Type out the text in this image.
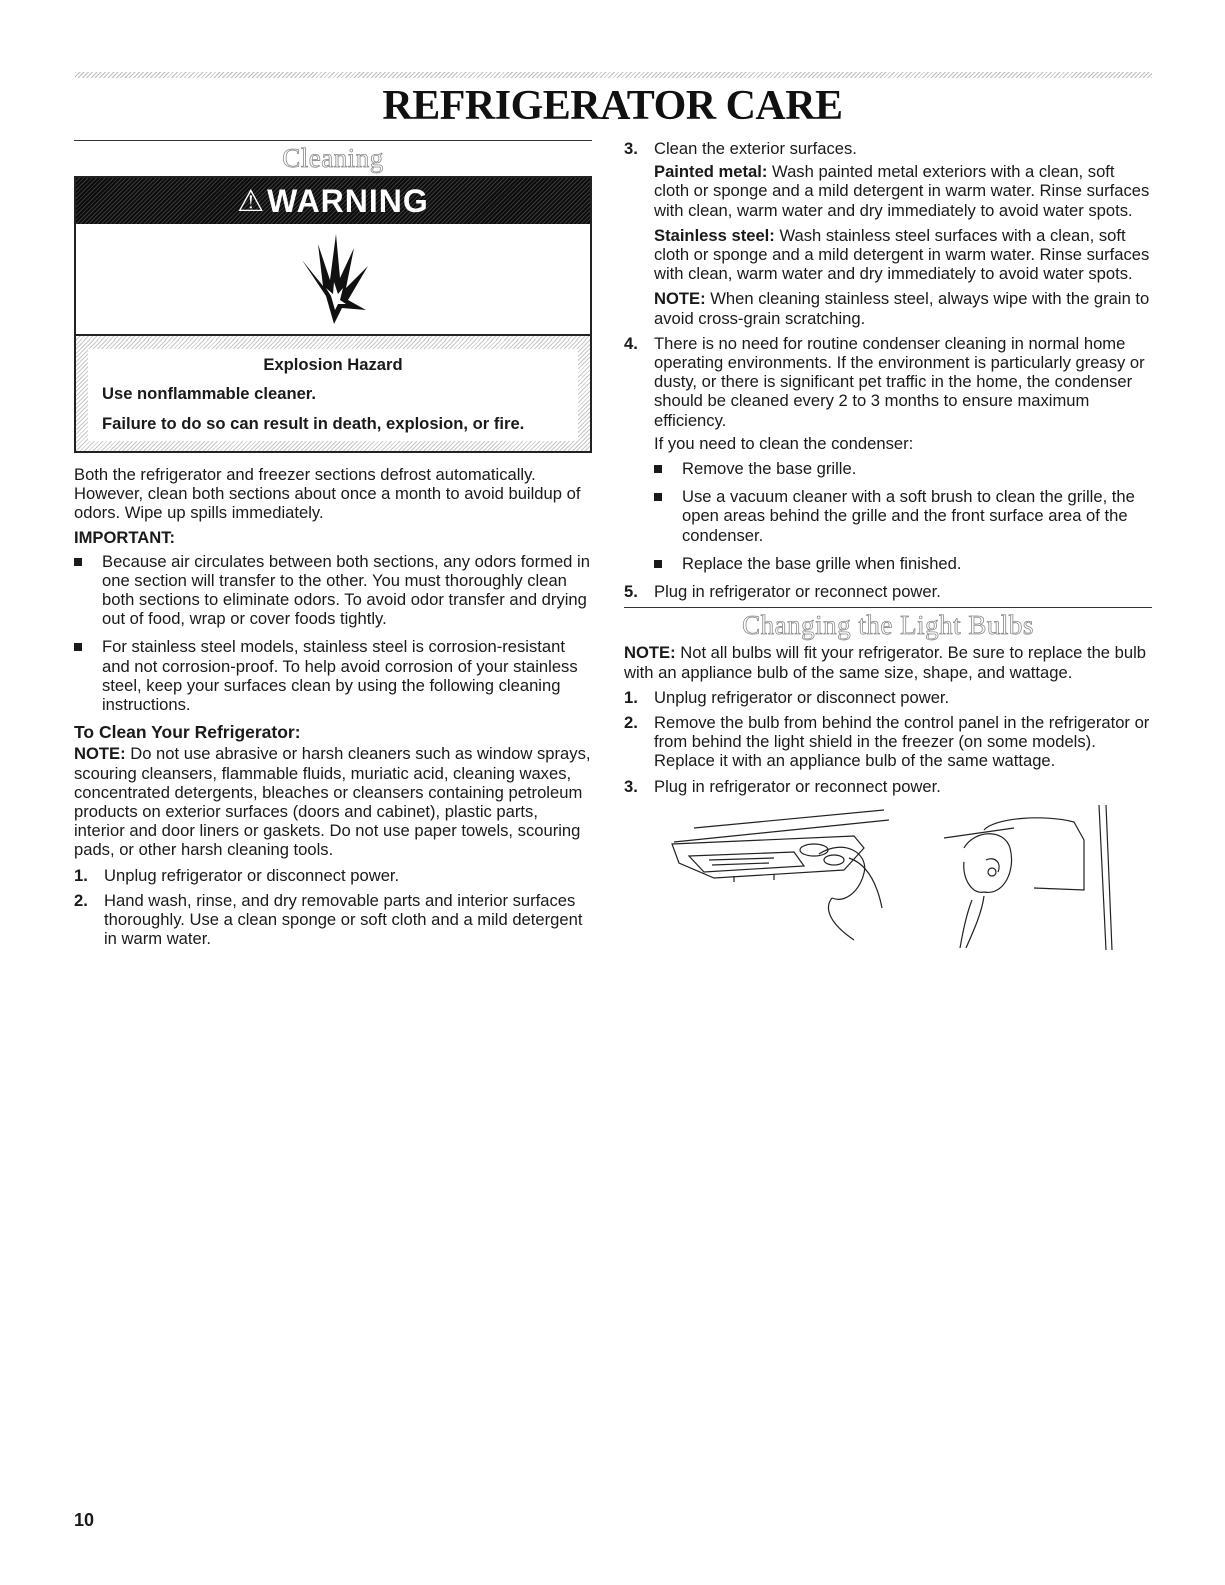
REFRIGERATOR CARE
Cleaning
⚠ WARNING

Explosion Hazard

Use nonflammable cleaner.

Failure to do so can result in death, explosion, or fire.

Both the refrigerator and freezer sections defrost automatically. However, clean both sections about once a month to avoid buildup of odors. Wipe up spills immediately.

IMPORTANT:

Because air circulates between both sections, any odors formed in one section will transfer to the other. You must thoroughly clean both sections to eliminate odors. To avoid odor transfer and drying out of food, wrap or cover foods tightly.
For stainless steel models, stainless steel is corrosion-resistant and not corrosion-proof. To help avoid corrosion of your stainless steel, keep your surfaces clean by using the following cleaning instructions.

To Clean Your Refrigerator:

NOTE: Do not use abrasive or harsh cleaners such as window sprays, scouring cleansers, flammable fluids, muriatic acid, cleaning waxes, concentrated detergents, bleaches or cleansers containing petroleum products on exterior surfaces (doors and cabinet), plastic parts, interior and door liners or gaskets. Do not use paper towels, scouring pads, or other harsh cleaning tools.

1. Unplug refrigerator or disconnect power.
2. Hand wash, rinse, and dry removable parts and interior surfaces thoroughly. Use a clean sponge or soft cloth and a mild detergent in warm water.
3. Clean the exterior surfaces.

Painted metal: Wash painted metal exteriors with a clean, soft cloth or sponge and a mild detergent in warm water. Rinse surfaces with clean, warm water and dry immediately to avoid water spots.

Stainless steel: Wash stainless steel surfaces with a clean, soft cloth or sponge and a mild detergent in warm water. Rinse surfaces with clean, warm water and dry immediately to avoid water spots.

NOTE: When cleaning stainless steel, always wipe with the grain to avoid cross-grain scratching.

4. There is no need for routine condenser cleaning in normal home operating environments. If the environment is particularly greasy or dusty, or there is significant pet traffic in the home, the condenser should be cleaned every 2 to 3 months to ensure maximum efficiency.

If you need to clean the condenser:

Remove the base grille.
Use a vacuum cleaner with a soft brush to clean the grille, the open areas behind the grille and the front surface area of the condenser.
Replace the base grille when finished.
5. Plug in refrigerator or reconnect power.
Changing the Light Bulbs

NOTE: Not all bulbs will fit your refrigerator. Be sure to replace the bulb with an appliance bulb of the same size, shape, and wattage.

1. Unplug refrigerator or disconnect power.
2. Remove the bulb from behind the control panel in the refrigerator or from behind the light shield in the freezer (on some models). Replace it with an appliance bulb of the same wattage.
3. Plug in refrigerator or reconnect power.
10
